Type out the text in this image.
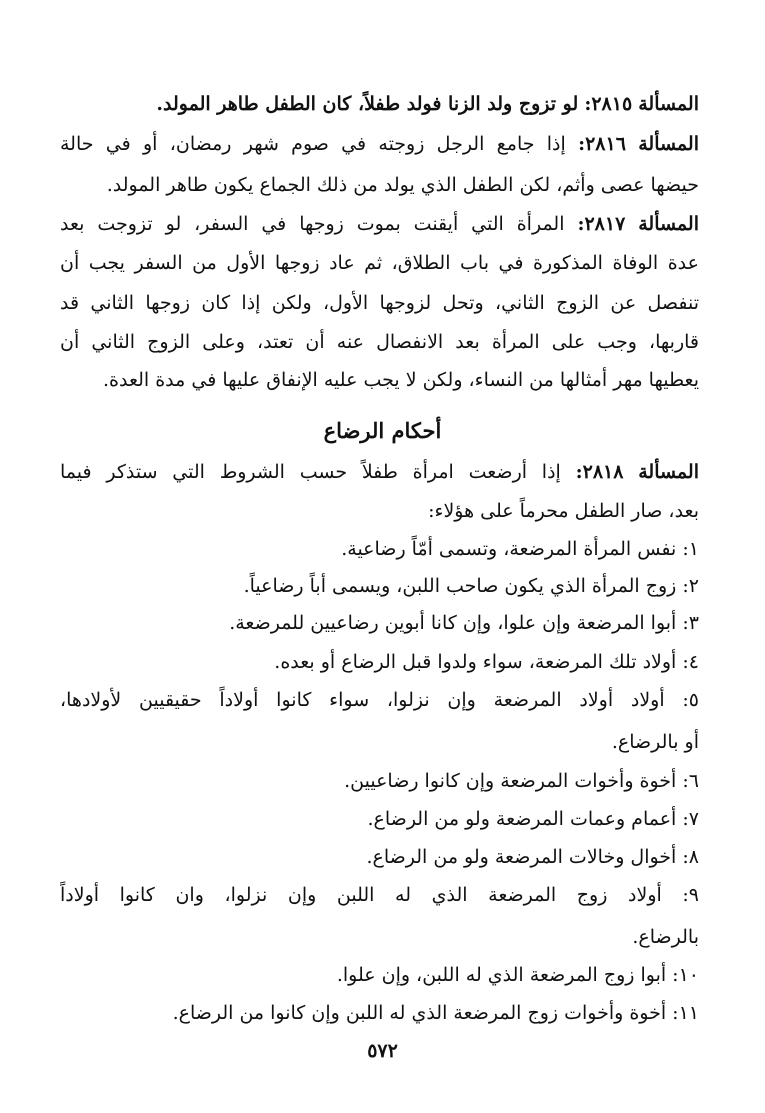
المسألة ٢٨١٥: لو تزوج ولد الزنا فولد طفلاً، كان الطفل طاهر المولد.
المسألة ٢٨١٦: إذا جامع الرجل زوجته في صوم شهر رمضان، أو في حالة
حيضها عصى وأثم، لكن الطفل الذي يولد من ذلك الجماع يكون طاهر المولد.
المسألة ٢٨١٧: المرأة التي أيقنت بموت زوجها في السفر، لو تزوجت بعد
عدة الوفاة المذكورة في باب الطلاق، ثم عاد زوجها الأول من السفر يجب أن
تنفصل عن الزوج الثاني، وتحل لزوجها الأول، ولكن إذا كان زوجها الثاني قد
قاربها، وجب على المرأة بعد الانفصال عنه أن تعتد، وعلى الزوج الثاني أن
يعطيها مهر أمثالها من النساء، ولكن لا يجب عليه الإنفاق عليها في مدة العدة.
أحكام الرضاع
المسألة ٢٨١٨: إذا أرضعت امرأة طفلاً حسب الشروط التي ستذكر فيما
بعد، صار الطفل محرماً على هؤلاء:
١: نفس المرأة المرضعة، وتسمى أُمّاً رضاعية.
٢: زوج المرأة الذي يكون صاحب اللبن، ويسمى أباً رضاعياً.
٣: أبوا المرضعة وإن علوا، وإن كانا أبوين رضاعيين للمرضعة.
٤: أولاد تلك المرضعة، سواء ولدوا قبل الرضاع أو بعده.
٥: أولاد أولاد المرضعة وإن نزلوا، سواء كانوا أولاداً حقيقيين لأولادها،
أو بالرضاع.
٦: أخوة وأخوات المرضعة وإن كانوا رضاعيين.
٧: أعمام وعمات المرضعة ولو من الرضاع.
٨: أخوال وخالات المرضعة ولو من الرضاع.
٩: أولاد زوج المرضعة الذي له اللبن وإن نزلوا، وان كانوا أولاداً
بالرضاع.
١٠: أبوا زوج المرضعة الذي له اللبن، وإن علوا.
١١: أخوة وأخوات زوج المرضعة الذي له اللبن وإن كانوا من الرضاع.
٥٧٢
